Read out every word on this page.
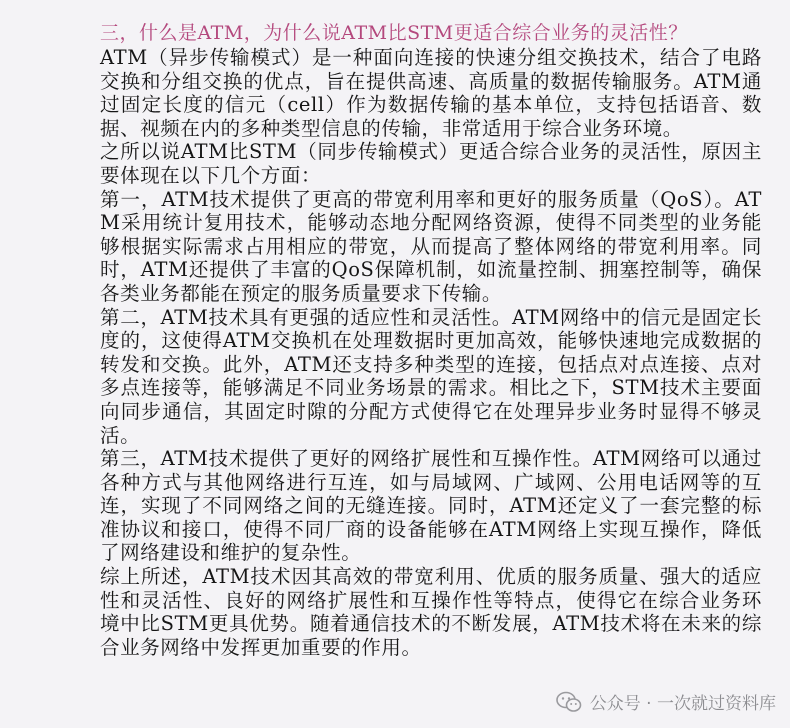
三，什么是ATM，为什么说ATM比STM更适合综合业务的灵活性？

ATM（异步传输模式）是一种面向连接的快速分组交换技术，结合了电路交换和分组交换的优点，旨在提供高速、高质量的数据传输服务。ATM通过固定长度的信元（cell）作为数据传输的基本单位，支持包括语音、数据、视频在内的多种类型信息的传输，非常适用于综合业务环境。

之所以说ATM比STM（同步传输模式）更适合综合业务的灵活性，原因主要体现在以下几个方面：

第一，ATM技术提供了更高的带宽利用率和更好的服务质量（QoS）。ATM采用统计复用技术，能够动态地分配网络资源，使得不同类型的业务能够根据实际需求占用相应的带宽，从而提高了整体网络的带宽利用率。同时，ATM还提供了丰富的QoS保障机制，如流量控制、拥塞控制等，确保各类业务都能在预定的服务质量要求下传输。

第二，ATM技术具有更强的适应性和灵活性。ATM网络中的信元是固定长度的，这使得ATM交换机在处理数据时更加高效，能够快速地完成数据的转发和交换。此外，ATM还支持多种类型的连接，包括点对点连接、点对多点连接等，能够满足不同业务场景的需求。相比之下，STM技术主要面向同步通信，其固定时隙的分配方式使得它在处理异步业务时显得不够灵活。

第三，ATM技术提供了更好的网络扩展性和互操作性。ATM网络可以通过各种方式与其他网络进行互连，如与局域网、广域网、公用电话网等的互连，实现了不同网络之间的无缝连接。同时，ATM还定义了一套完整的标准协议和接口，使得不同厂商的设备能够在ATM网络上实现互操作，降低了网络建设和维护的复杂性。

综上所述，ATM技术因其高效的带宽利用、优质的服务质量、强大的适应性和灵活性、良好的网络扩展性和互操作性等特点，使得它在综合业务环境中比STM更具优势。随着通信技术的不断发展，ATM技术将在未来的综合业务网络中发挥更加重要的作用。

公众号 · 一次就过资料库
